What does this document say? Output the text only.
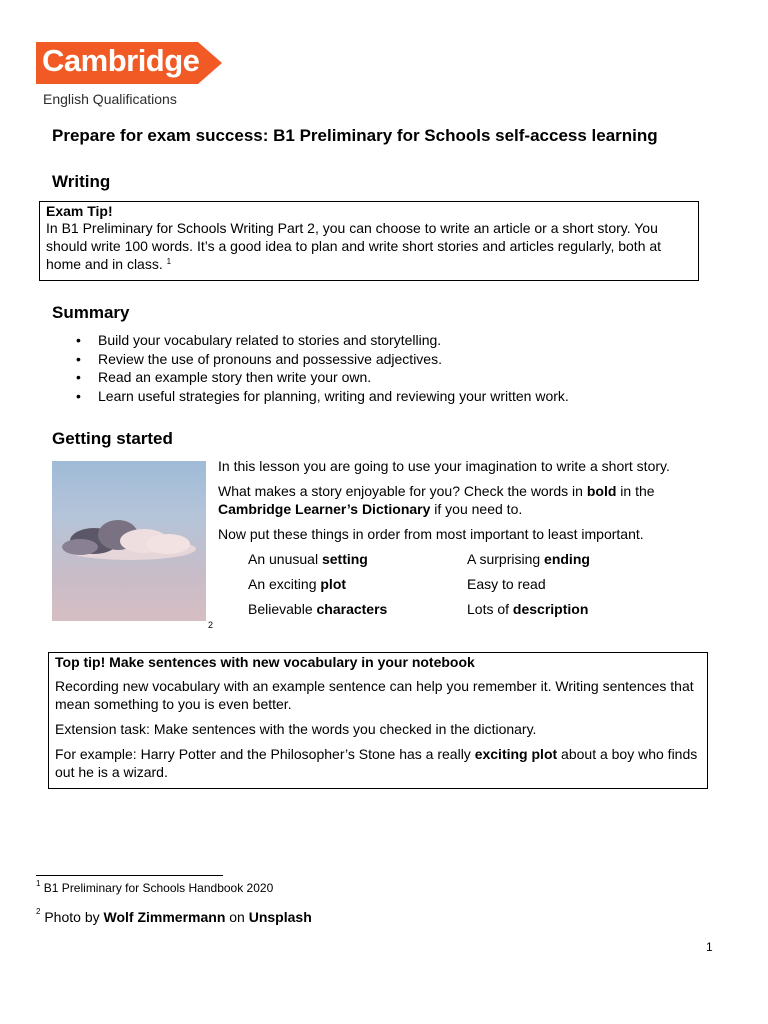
Cambridge
English Qualifications
Prepare for exam success: B1 Preliminary for Schools self-access learning
Writing

Exam Tip!

In B1 Preliminary for Schools Writing Part 2, you can choose to write an article or a short story. You should write 100 words. It’s a good idea to plan and write short stories and articles regularly, both at home and in class. $^1$

Summary
• Build your vocabulary related to stories and storytelling.
• Review the use of pronouns and possessive adjectives.
• Read an example story then write your own.
• Learn useful strategies for planning, writing and reviewing your written work.
Getting started
2
In this lesson you are going to use your imagination to write a short story.
What makes a story enjoyable for you? Check the words in bold in the
Cambridge Learner’s Dictionary if you need to.
Now put these things in order from most important to least important.
An unusual setting	A surprising ending
An exciting plot	Easy to read
Believable characters	Lots of description

Top tip! Make sentences with new vocabulary in your notebook

Recording new vocabulary with an example sentence can help you remember it. Writing sentences that mean something to you is even better.

Extension task: Make sentences with the words you checked in the dictionary.

For example: Harry Potter and the Philosopher’s Stone has a really exciting plot about a boy who finds out he is a wizard.

$^1$ B1 Preliminary for Schools Handbook 2020
$^2$ Photo by Wolf Zimmermann on Unsplash
1
